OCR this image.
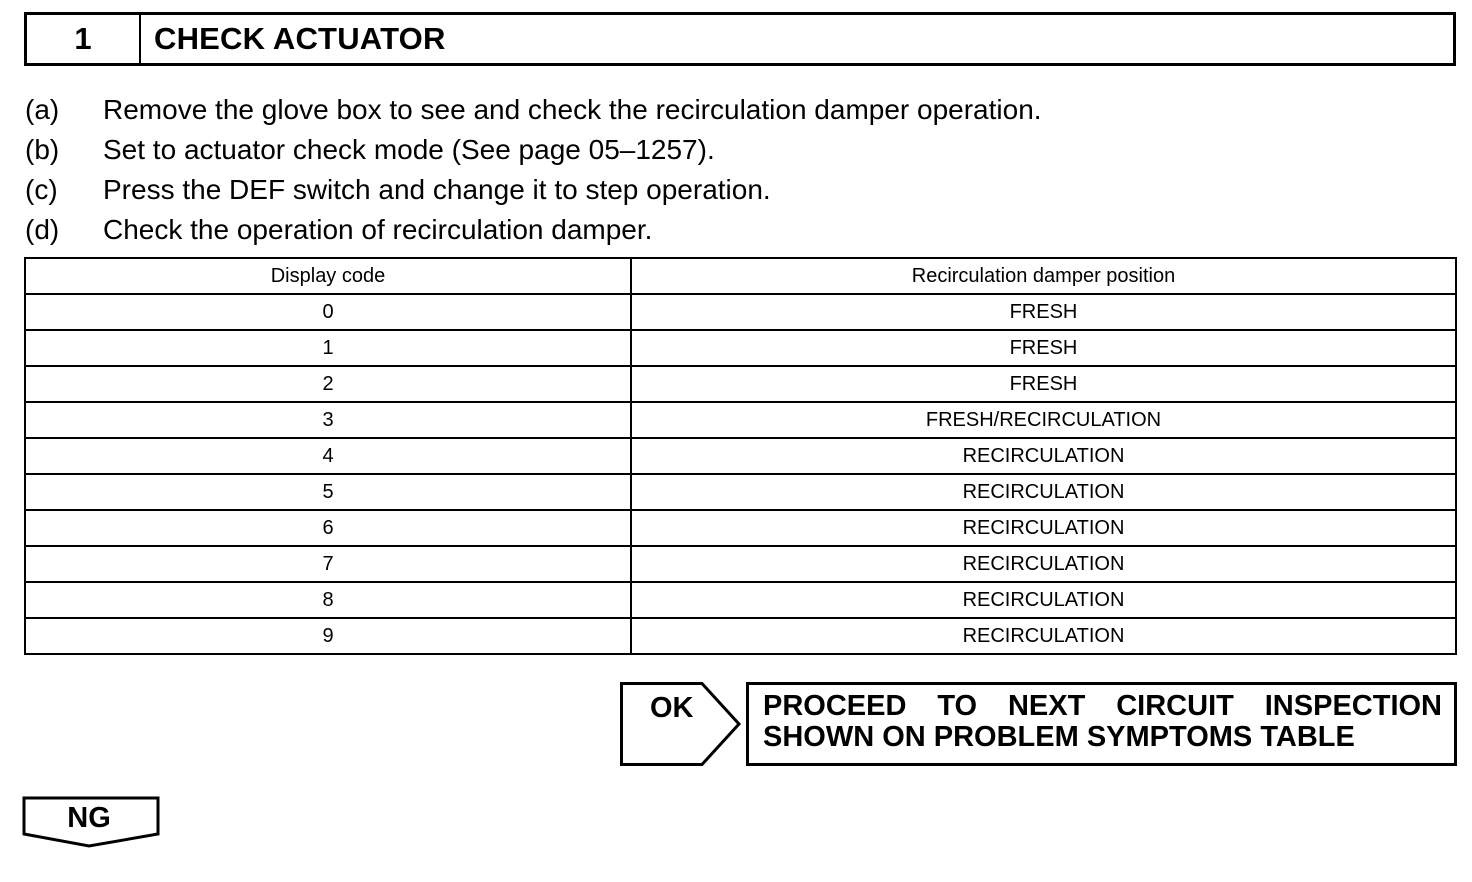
1	CHECK ACTUATOR
(a)	Remove the glove box to see and check the recirculation damper operation.
(b)	Set to actuator check mode (See page 05–1257).
(c)	Press the DEF switch and change it to step operation.
(d)	Check the operation of recirculation damper.
Display code	Recirculation damper position
0	FRESH
1	FRESH
2	FRESH
3	FRESH/RECIRCULATION
4	RECIRCULATION
5	RECIRCULATION
6	RECIRCULATION
7	RECIRCULATION
8	RECIRCULATION
9	RECIRCULATION
OK PROCEED TO NEXT CIRCUIT INSPECTION
SHOWN ON PROBLEM SYMPTOMS TABLE
NG
